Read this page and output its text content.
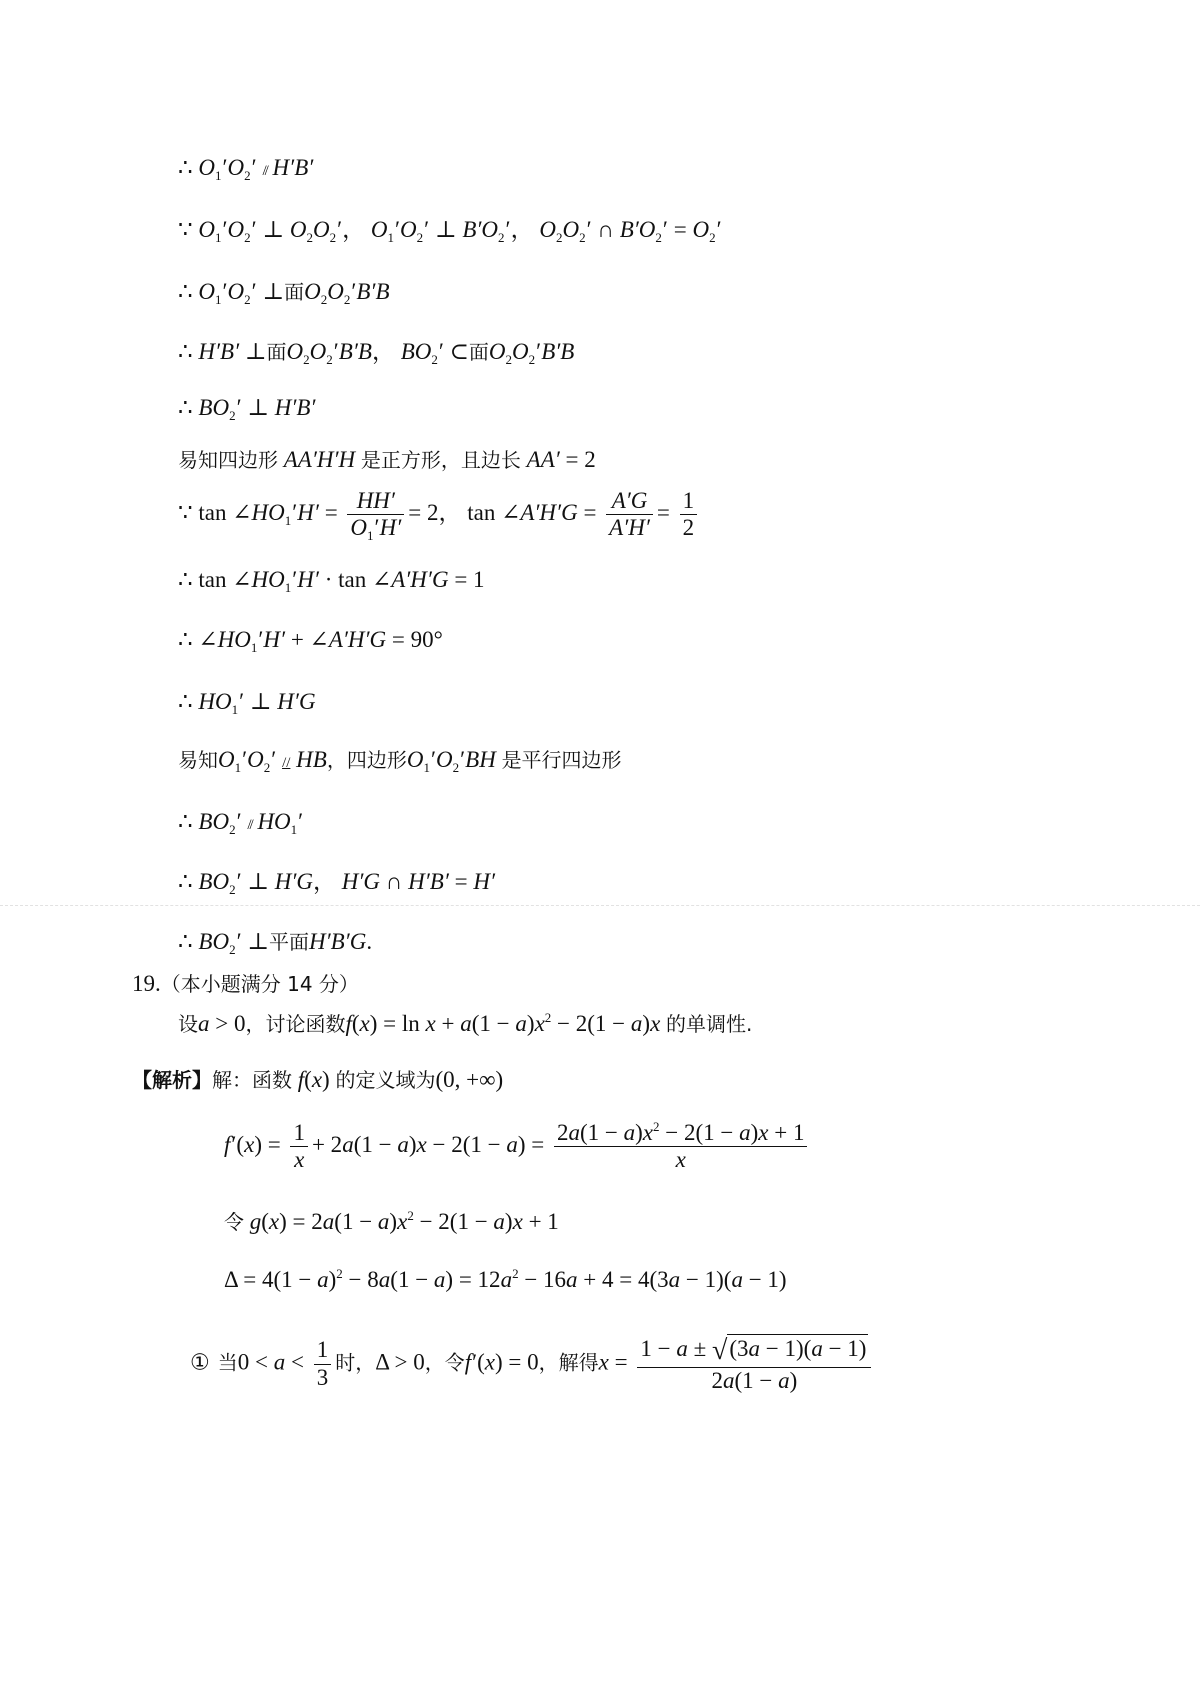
∴ $O_1'O_2' // H'B'$
∵ $O_1'O_2'$ ⊥ $O_2O_2'$， $O_1'O_2'$ ⊥ $B'O_2'$， $O_2O_2'$ ∩ $B'O_2' = O_2'$
∴ $O_1'O_2'$ ⊥面$O_2O_2'B'B$
∴ H′B′ ⊥面$O_2O_2'B'B$， $BO_2'$ ⊂面$O_2O_2'B'B$
∴ $BO_2'$ ⊥ H′B′
易知四边形 AA′H′H 是正方形，且边长 AA′ = 2
∵ $\tan \angle HO_1'H' = \frac{HH'}{O_1'H'} = 2$， tan ∠A′H′G = $\frac{A'G}{A'H'} = \frac{1}{2}$
∴ $\tan \angle HO_1'H' \cdot \tan$ ∠A′H′G = 1
∴ $\angle HO_1'H'$ + ∠A′H′G = 90°
∴ $HO_1'$ ⊥ H′G
易知$O_1'O_2'$ // HB，四边形$O_1'O_2'BH$ 是平行四边形
∴ $BO_2' // HO_1'$
∴ $BO_2'$ ⊥ H′G， H′G ∩ H′B′ = H′
∴ $BO_2'$ ⊥平面H′B′G.
19.（本小题满分 14 分）
设a > 0，讨论函数$f(x) = \ln x + a(1 - a)x^2 - 2(1 - a)x$ 的单调性.
【解析】解：函数 f(x) 的定义域为(0, +∞)
$f'(x) = \frac{1}{x} + 2a(1 - a)x - 2(1 - a) = \frac{2a(1 - a)x^2 - 2(1 - a)x + 1}{x}$
令 $g(x) = 2a(1 - a)x^2 - 2(1 - a)x + 1$
$\Delta = 4(1 - a)^2 - 8a(1 - a) = 12a^2 - 16a + 4 = 4(3a - 1)(a - 1)$
① 当$0 < a < \frac{1}{3}$ 时，Δ > 0，令f′(x) = 0，解得$x = \frac{1 - a \pm √(3a - 1)(a - 1)}{2a(1 - a)}$
